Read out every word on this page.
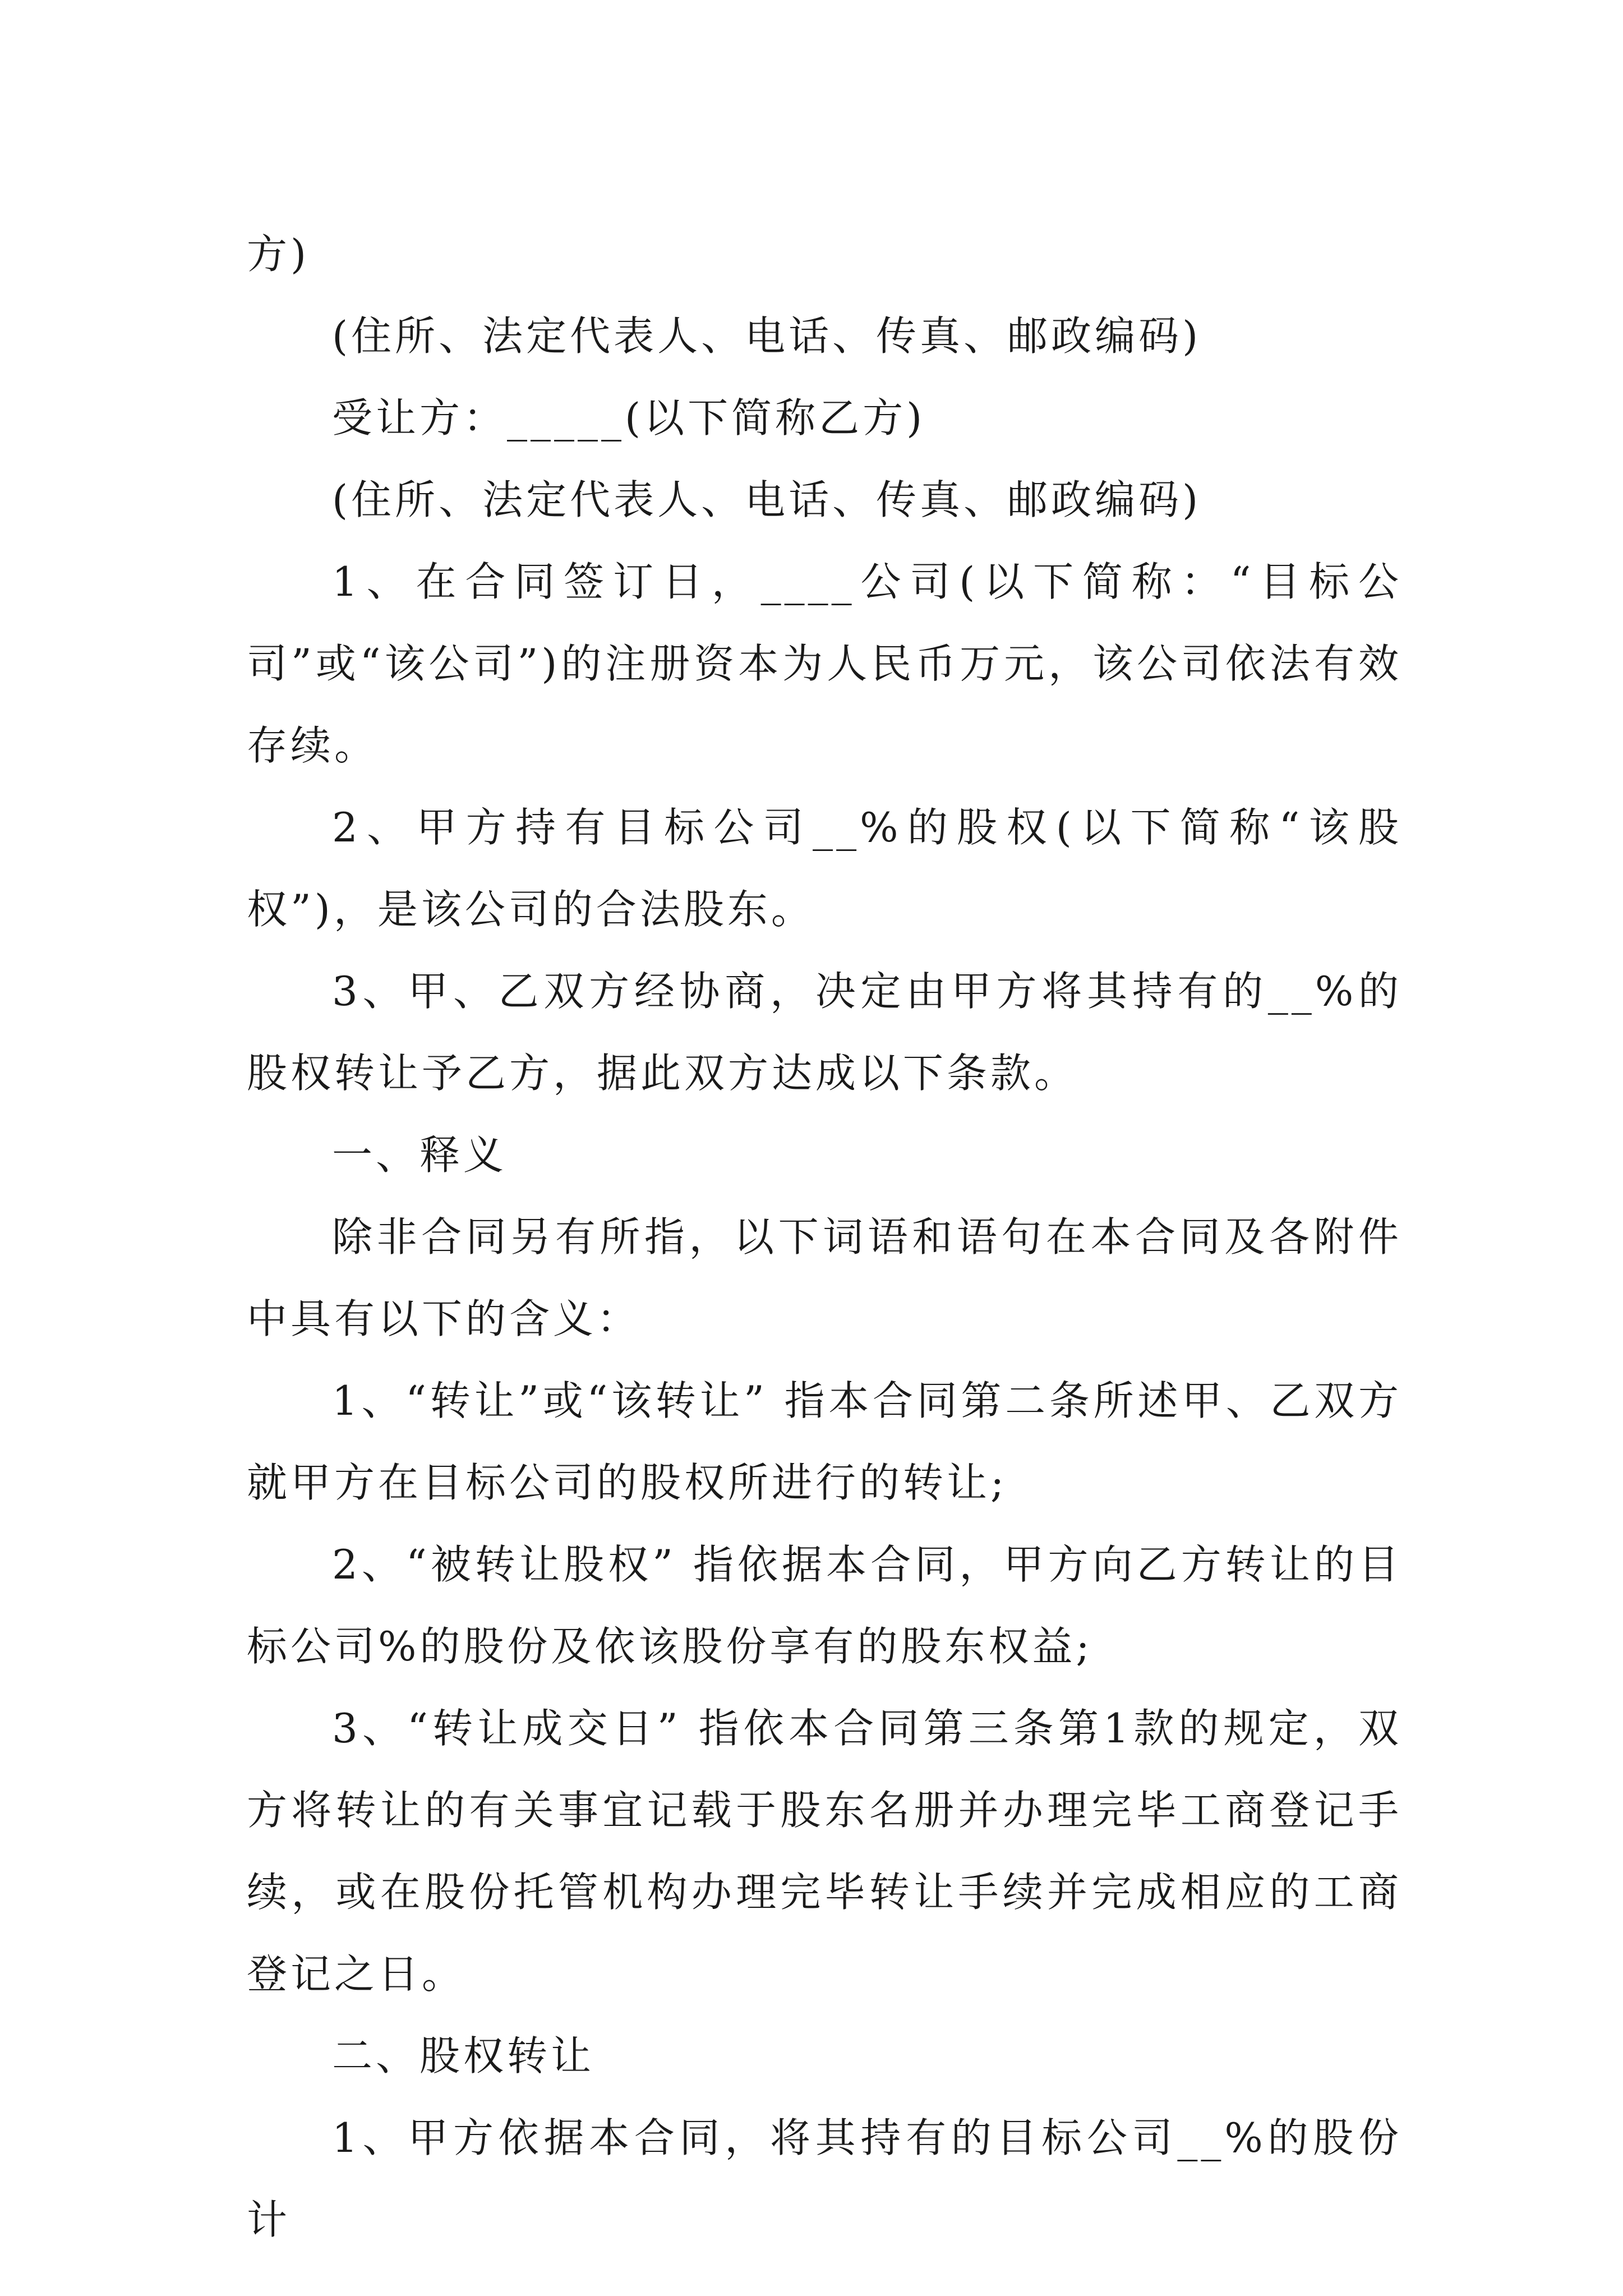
方)

(住所、法定代表人、电话、传真、邮政编码)

受让方：_____(以下简称乙方)

(住所、法定代表人、电话、传真、邮政编码)

1、在合同签订日，____公司(以下简称：“目标公司”或“该公司”)的注册资本为人民币万元，该公司依法有效存续。

2、甲方持有目标公司__%的股权(以下简称“该股权”)，是该公司的合法股东。

3、甲、乙双方经协商，决定由甲方将其持有的__%的股权转让予乙方，据此双方达成以下条款。

一、释义

除非合同另有所指，以下词语和语句在本合同及各附件中具有以下的含义：

1、“转让”或“该转让” 指本合同第二条所述甲、乙双方就甲方在目标公司的股权所进行的转让;

2、“被转让股权” 指依据本合同，甲方向乙方转让的目标公司%的股份及依该股份享有的股东权益;

3、“转让成交日” 指依本合同第三条第1款的规定，双方将转让的有关事宜记载于股东名册并办理完毕工商登记手续，或在股份托管机构办理完毕转让手续并完成相应的工商登记之日。

二、股权转让

1、甲方依据本合同，将其持有的目标公司__%的股份计
